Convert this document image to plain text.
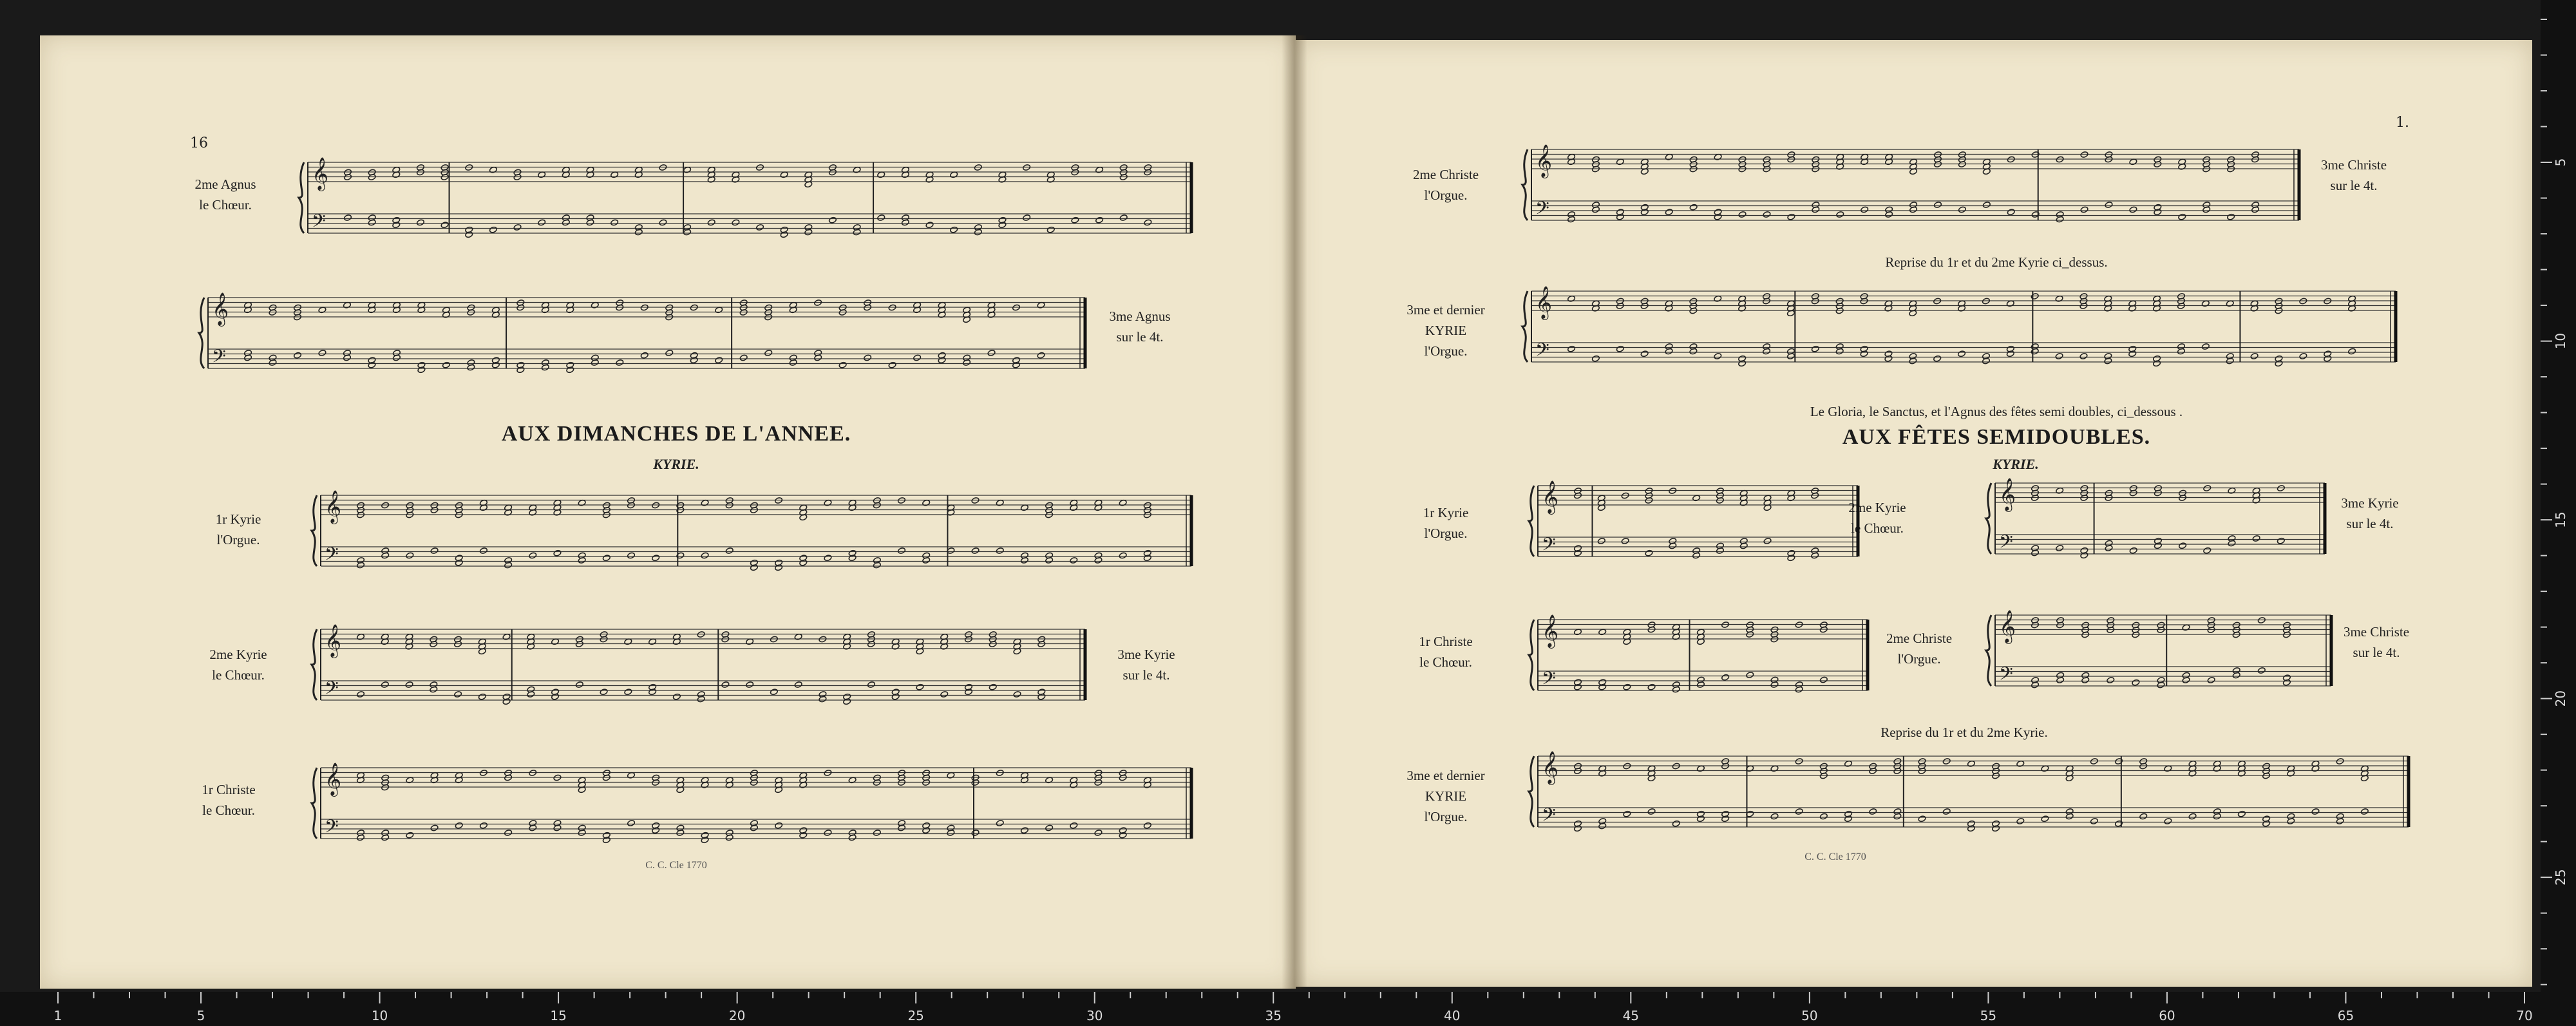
16
2me Agnus
le Chœur.
3me Agnus
sur le 4t.
AUX DIMANCHES DE L'ANNEE.
KYRIE.
1r Kyrie
l'Orgue.
2me Kyrie
le Chœur.
3me Kyrie
sur le 4t.
1r Christe
le Chœur.
C. C. Cle 1770
1.
2me Christe
l'Orgue.
3me Christe
sur le 4t.
Reprise du 1r et du 2me Kyrie ci_dessus.
3me et dernier
KYRIE
l'Orgue.
Le Gloria, le Sanctus, et l'Agnus des fêtes semi doubles, ci_dessous .
AUX FÊTES SEMIDOUBLES.
KYRIE.
1r Kyrie
l'Orgue.
2me Kyrie
le Chœur.
3me Kyrie
sur le 4t.
1r Christe
le Chœur.
2me Christe
l'Orgue.
3me Christe
sur le 4t.
Reprise du 1r et du 2me Kyrie.
3me et dernier
KYRIE
l'Orgue.
C. C. Cle 1770
𝄞
𝄢
𝄞
𝄢
𝄞
𝄢
𝄞
𝄢
𝄞
𝄢
𝄞
𝄢
𝄞
𝄢
𝄞
𝄢
𝄞
𝄢
𝄞
𝄢
𝄞
𝄢
𝄞
𝄢
1	5	10	15	20	25	30	35	40	45	50	55	60	65	70
5
10
15
20
25
